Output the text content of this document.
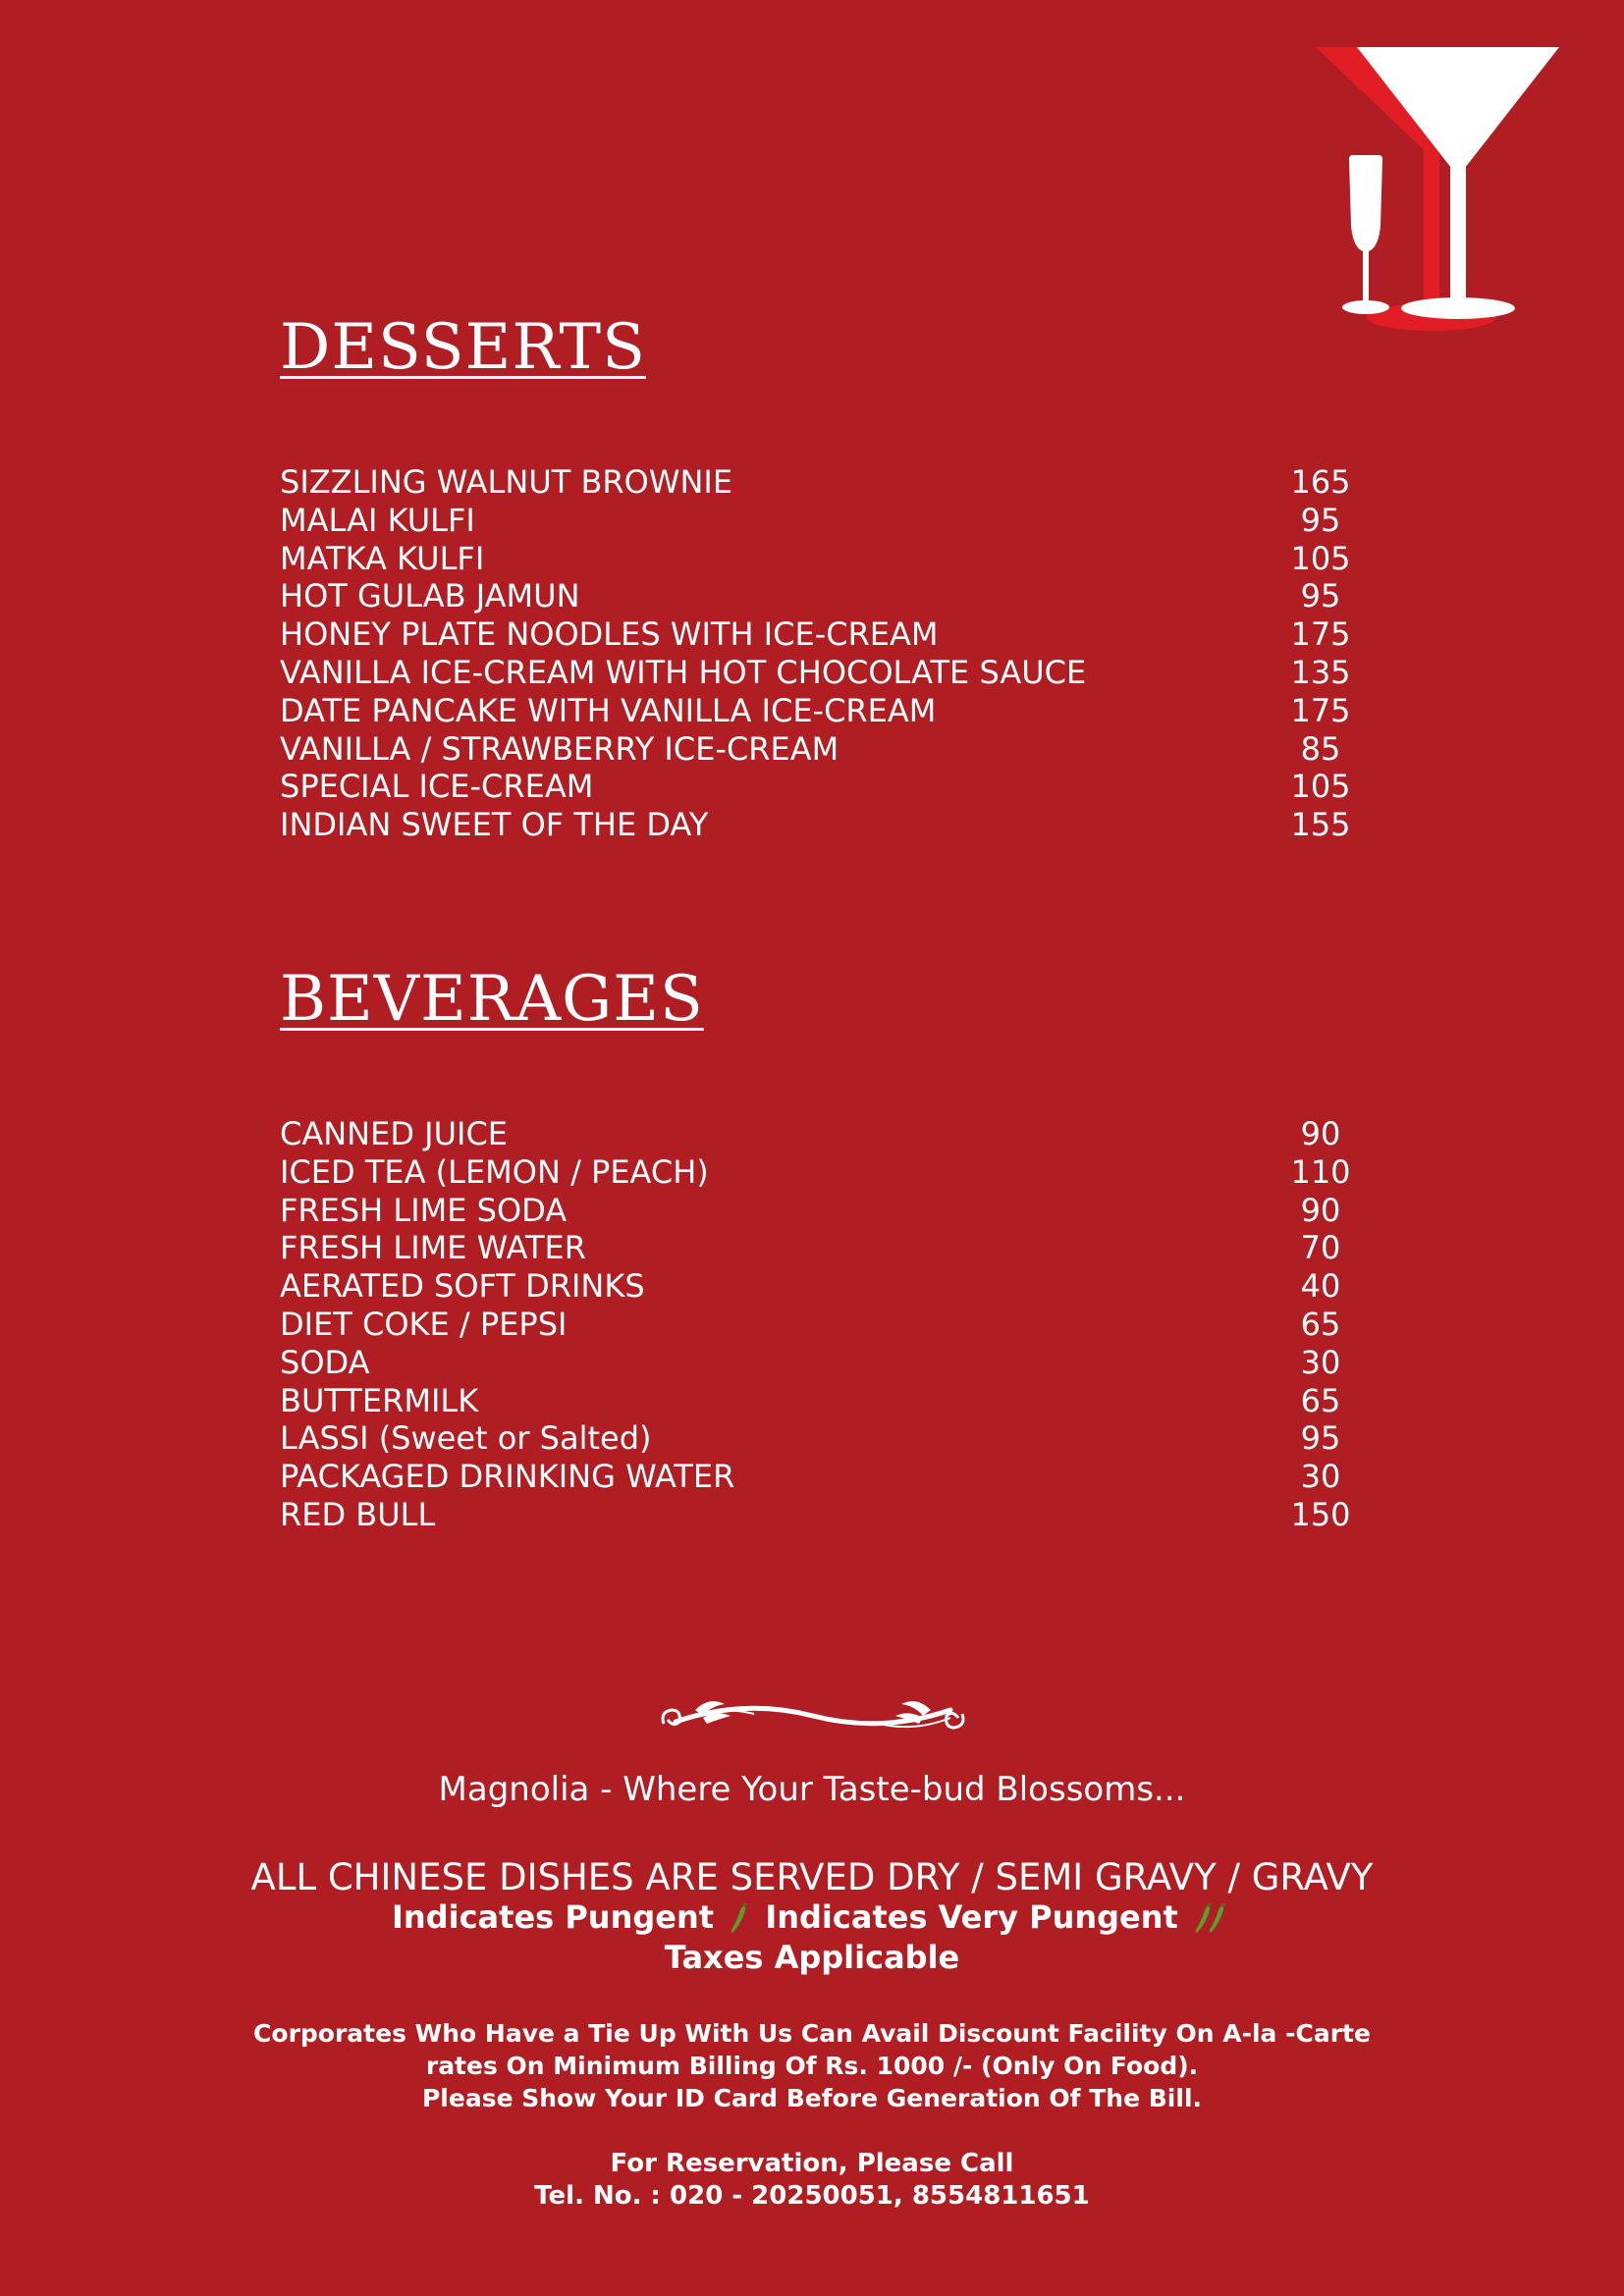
DESSERTS
SIZZLING WALNUT BROWNIE	165
MALAI KULFI	95
MATKA KULFI	105
HOT GULAB JAMUN	95
HONEY PLATE NOODLES WITH ICE-CREAM	175
VANILLA ICE-CREAM WITH HOT CHOCOLATE SAUCE	135
DATE PANCAKE WITH VANILLA ICE-CREAM	175
VANILLA / STRAWBERRY ICE-CREAM	85
SPECIAL ICE-CREAM	105
INDIAN SWEET OF THE DAY	155
BEVERAGES
CANNED JUICE	90
ICED TEA (LEMON / PEACH)	110
FRESH LIME SODA	90
FRESH LIME WATER	70
AERATED SOFT DRINKS	40
DIET COKE / PEPSI	65
SODA	30
BUTTERMILK	65
LASSI (Sweet or Salted)	95
PACKAGED DRINKING WATER	30
RED BULL	150

Magnolia - Where Your Taste-bud Blossoms...

ALL CHINESE DISHES ARE SERVED DRY / SEMI GRAVY / GRAVY

Indicates Pungent Indicates Very Pungent

Taxes Applicable

Corporates Who Have a Tie Up With Us Can Avail Discount Facility On A-la -Carte
rates On Minimum Billing Of Rs. 1000 /- (Only On Food).
Please Show Your ID Card Before Generation Of The Bill.

For Reservation, Please Call
Tel. No. : 020 - 20250051, 8554811651
